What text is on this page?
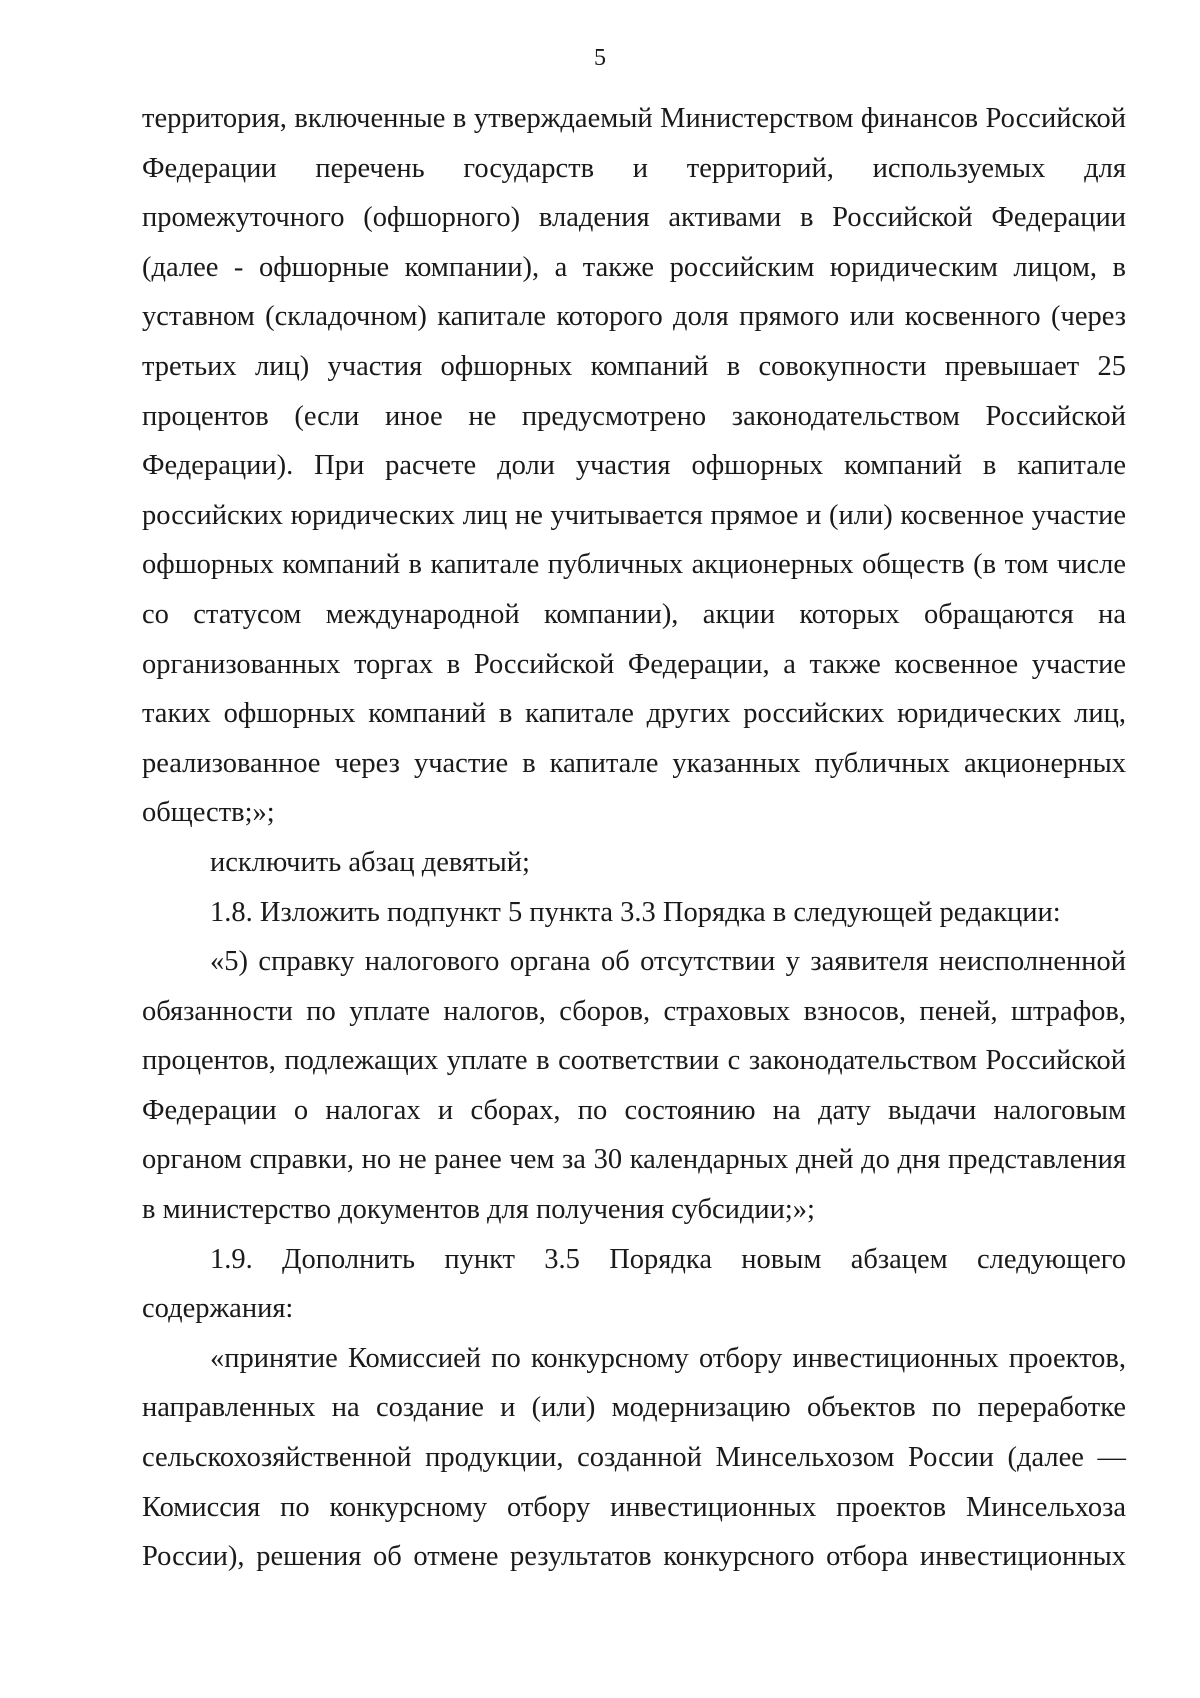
5

территория, включенные в утверждаемый Министерством финансов Российской Федерации перечень государств и территорий, используемых для промежуточного (офшорного) владения активами в Российской Федерации (далее - офшорные компании), а также российским юридическим лицом, в уставном (складочном) капитале которого доля прямого или косвенного (через третьих лиц) участия офшорных компаний в совокупности превышает 25 процентов (если иное не предусмотрено законодательством Российской Федерации). При расчете доли участия офшорных компаний в капитале российских юридических лиц не учитывается прямое и (или) косвенное участие офшорных компаний в капитале публичных акционерных обществ (в том числе со статусом международной компании), акции которых обращаются на организованных торгах в Российской Федерации, а также косвенное участие таких офшорных компаний в капитале других российских юридических лиц, реализованное через участие в капитале указанных публичных акционерных обществ;»;

исключить абзац девятый;

1.8. Изложить подпункт 5 пункта 3.3 Порядка в следующей редакции:

«5) справку налогового органа об отсутствии у заявителя неисполненной обязанности по уплате налогов, сборов, страховых взносов, пеней, штрафов, процентов, подлежащих уплате в соответствии с законодательством Российской Федерации о налогах и сборах, по состоянию на дату выдачи налоговым органом справки, но не ранее чем за 30 календарных дней до дня представления в министерство документов для получения субсидии;»;

1.9. Дополнить пункт 3.5 Порядка новым абзацем следующего содержания:

«принятие Комиссией по конкурсному отбору инвестиционных проектов, направленных на создание и (или) модернизацию объектов по переработке сельскохозяйственной продукции, созданной Минсельхозом России (далее — Комиссия по конкурсному отбору инвестиционных проектов Минсельхоза России), решения об отмене результатов конкурсного отбора инвестиционных
